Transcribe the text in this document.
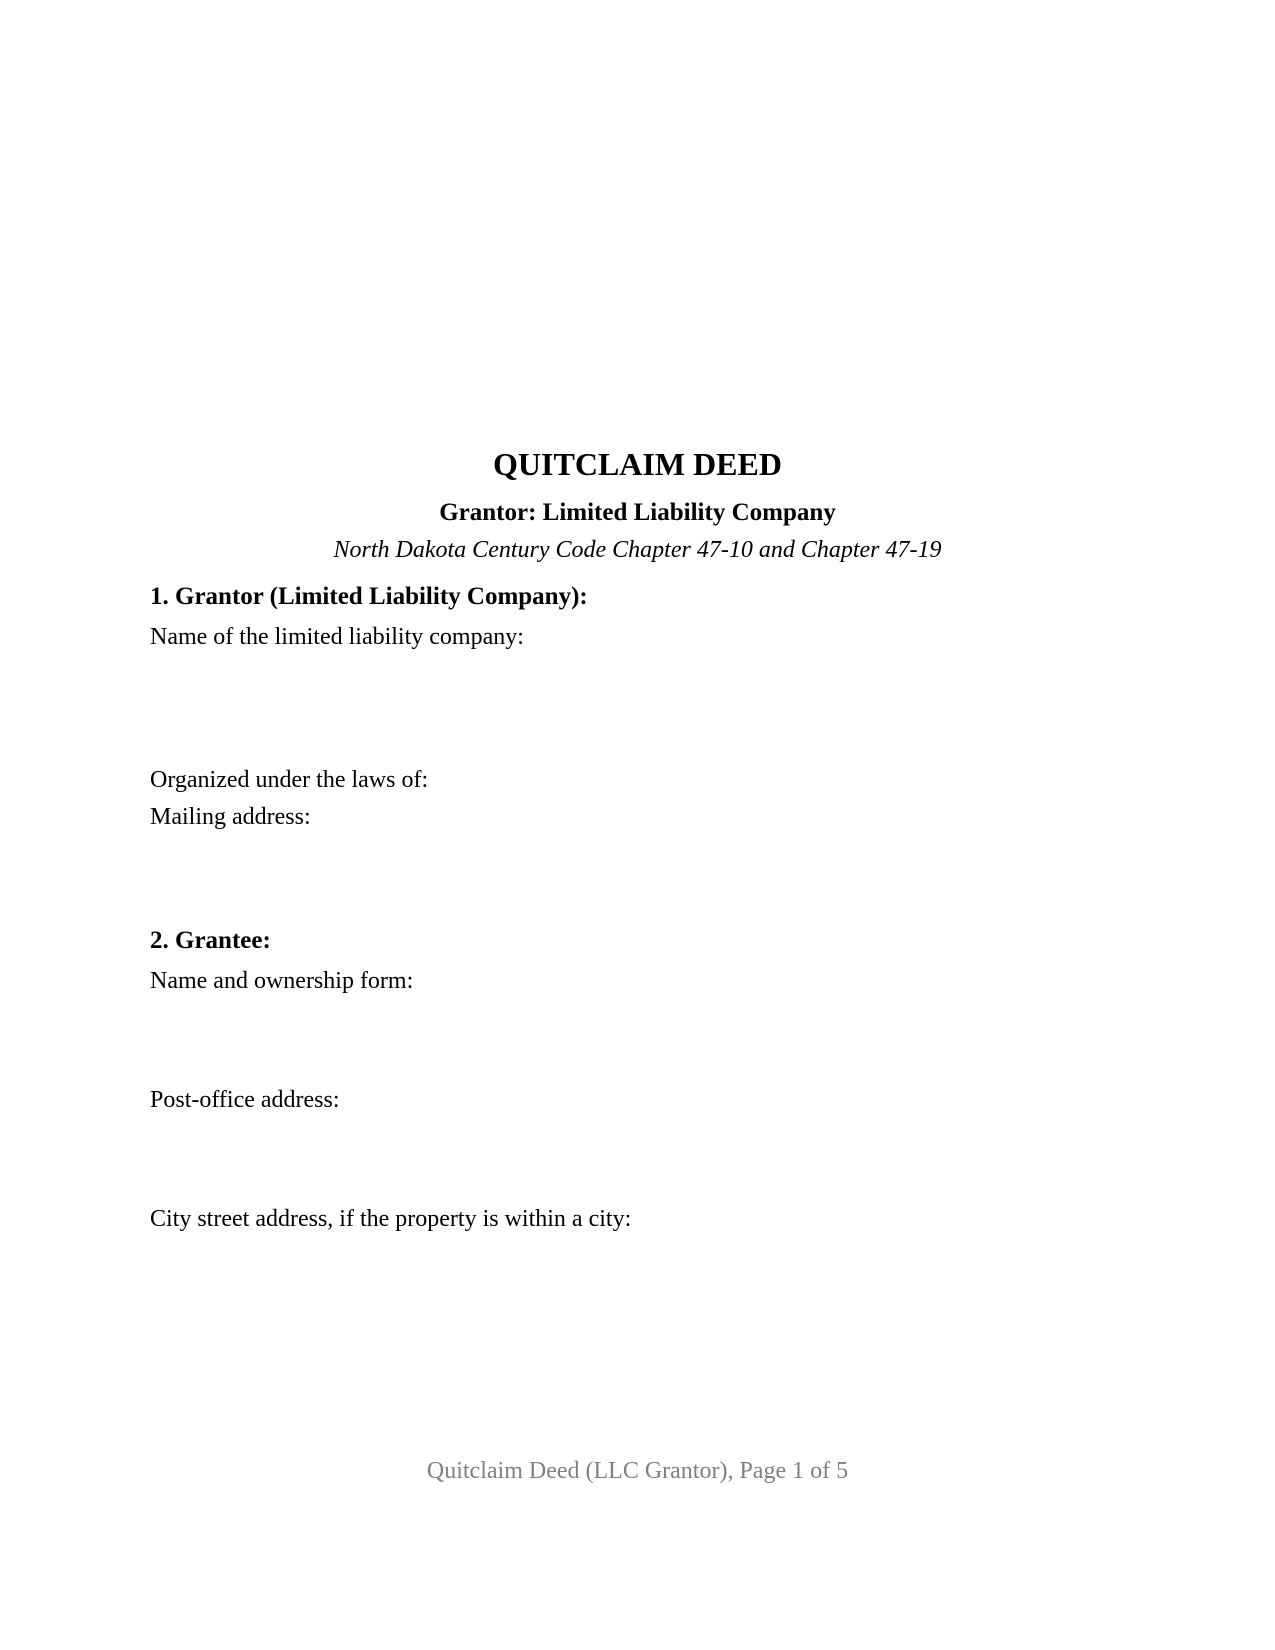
QUITCLAIM DEED
Grantor: Limited Liability Company
North Dakota Century Code Chapter 47-10 and Chapter 47-19
1. Grantor (Limited Liability Company):
Name of the limited liability company:
Organized under the laws of:
Mailing address:
2. Grantee:
Name and ownership form:
Post-office address:
City street address, if the property is within a city:
Quitclaim Deed (LLC Grantor), Page 1 of 5
